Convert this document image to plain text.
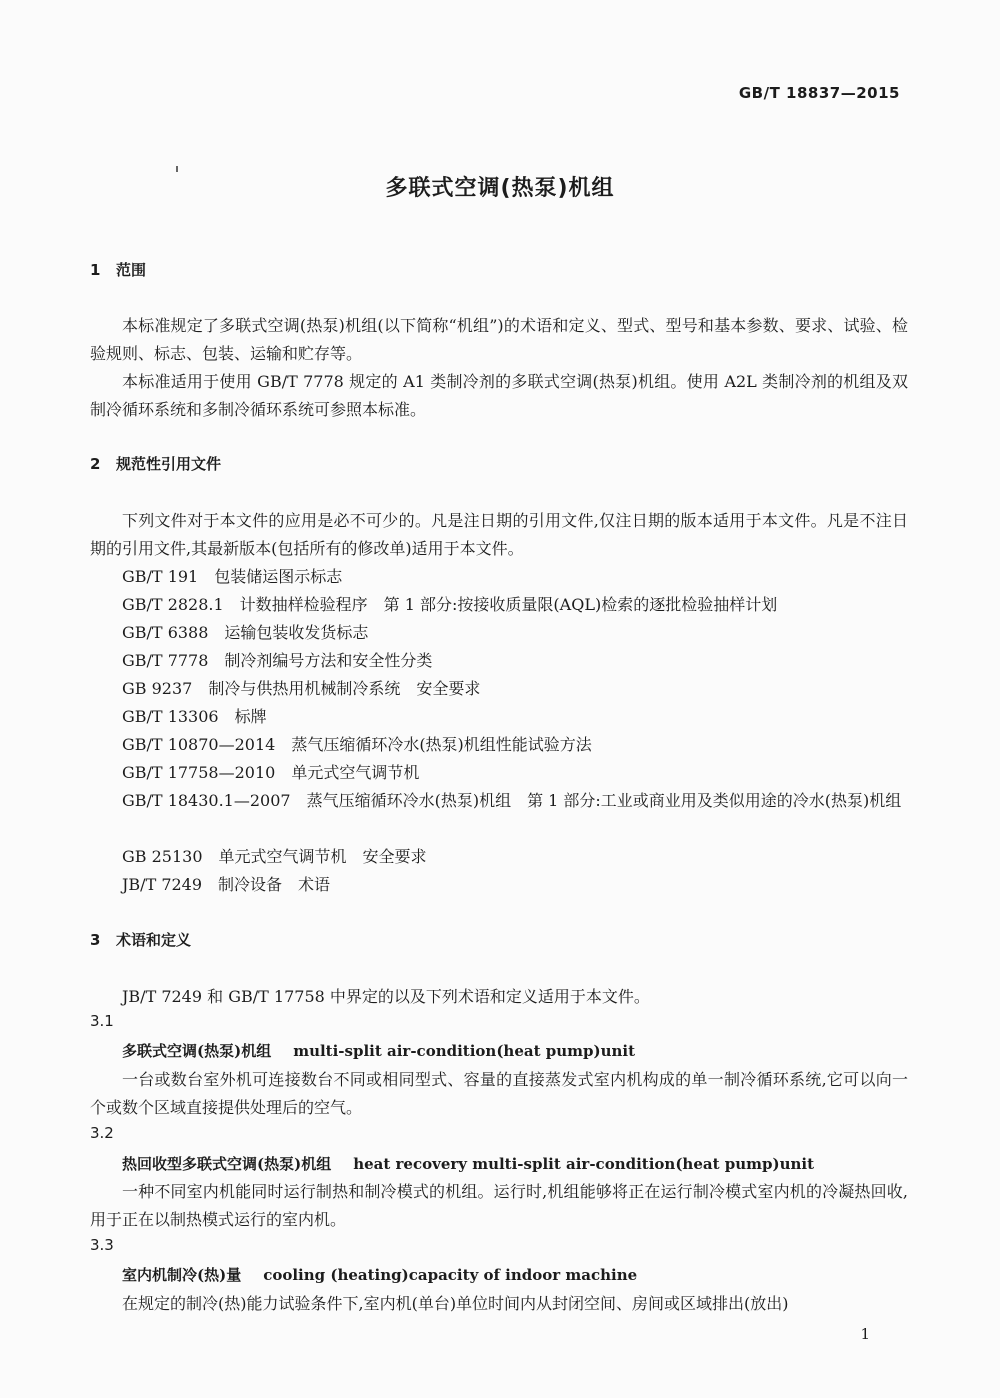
GB/T 18837—2015
多联式空调(热泵)机组
1 范围
本标准规定了多联式空调(热泵)机组(以下简称“机组”)的术语和定义、型式、型号和基本参数、要求、试验、检验规则、标志、包装、运输和贮存等。
本标准适用于使用 GB/T 7778 规定的 A1 类制冷剂的多联式空调(热泵)机组。使用 A2L 类制冷剂的机组及双制冷循环系统和多制冷循环系统可参照本标准。
2 规范性引用文件
下列文件对于本文件的应用是必不可少的。凡是注日期的引用文件,仅注日期的版本适用于本文件。凡是不注日期的引用文件,其最新版本(包括所有的修改单)适用于本文件。
GB/T 191 包装储运图示标志
GB/T 2828.1 计数抽样检验程序　第 1 部分:按接收质量限(AQL)检索的逐批检验抽样计划
GB/T 6388 运输包装收发货标志
GB/T 7778 制冷剂编号方法和安全性分类
GB 9237 制冷与供热用机械制冷系统　安全要求
GB/T 13306 标牌
GB/T 10870—2014 蒸气压缩循环冷水(热泵)机组性能试验方法
GB/T 17758—2010 单元式空气调节机
GB/T 18430.1—2007 蒸气压缩循环冷水(热泵)机组　第 1 部分:工业或商业用及类似用途的冷水(热泵)机组
GB 25130 单元式空气调节机　安全要求
JB/T 7249 制冷设备　术语
3 术语和定义
JB/T 7249 和 GB/T 17758 中界定的以及下列术语和定义适用于本文件。
3.1
多联式空调(热泵)机组 multi-split air-condition(heat pump)unit
一台或数台室外机可连接数台不同或相同型式、容量的直接蒸发式室内机构成的单一制冷循环系统,它可以向一个或数个区域直接提供处理后的空气。
3.2
热回收型多联式空调(热泵)机组 heat recovery multi-split air-condition(heat pump)unit
一种不同室内机能同时运行制热和制冷模式的机组。运行时,机组能够将正在运行制冷模式室内机的冷凝热回收,用于正在以制热模式运行的室内机。
3.3
室内机制冷(热)量 cooling (heating)capacity of indoor machine
在规定的制冷(热)能力试验条件下,室内机(单台)单位时间内从封闭空间、房间或区域排出(放出)
1
